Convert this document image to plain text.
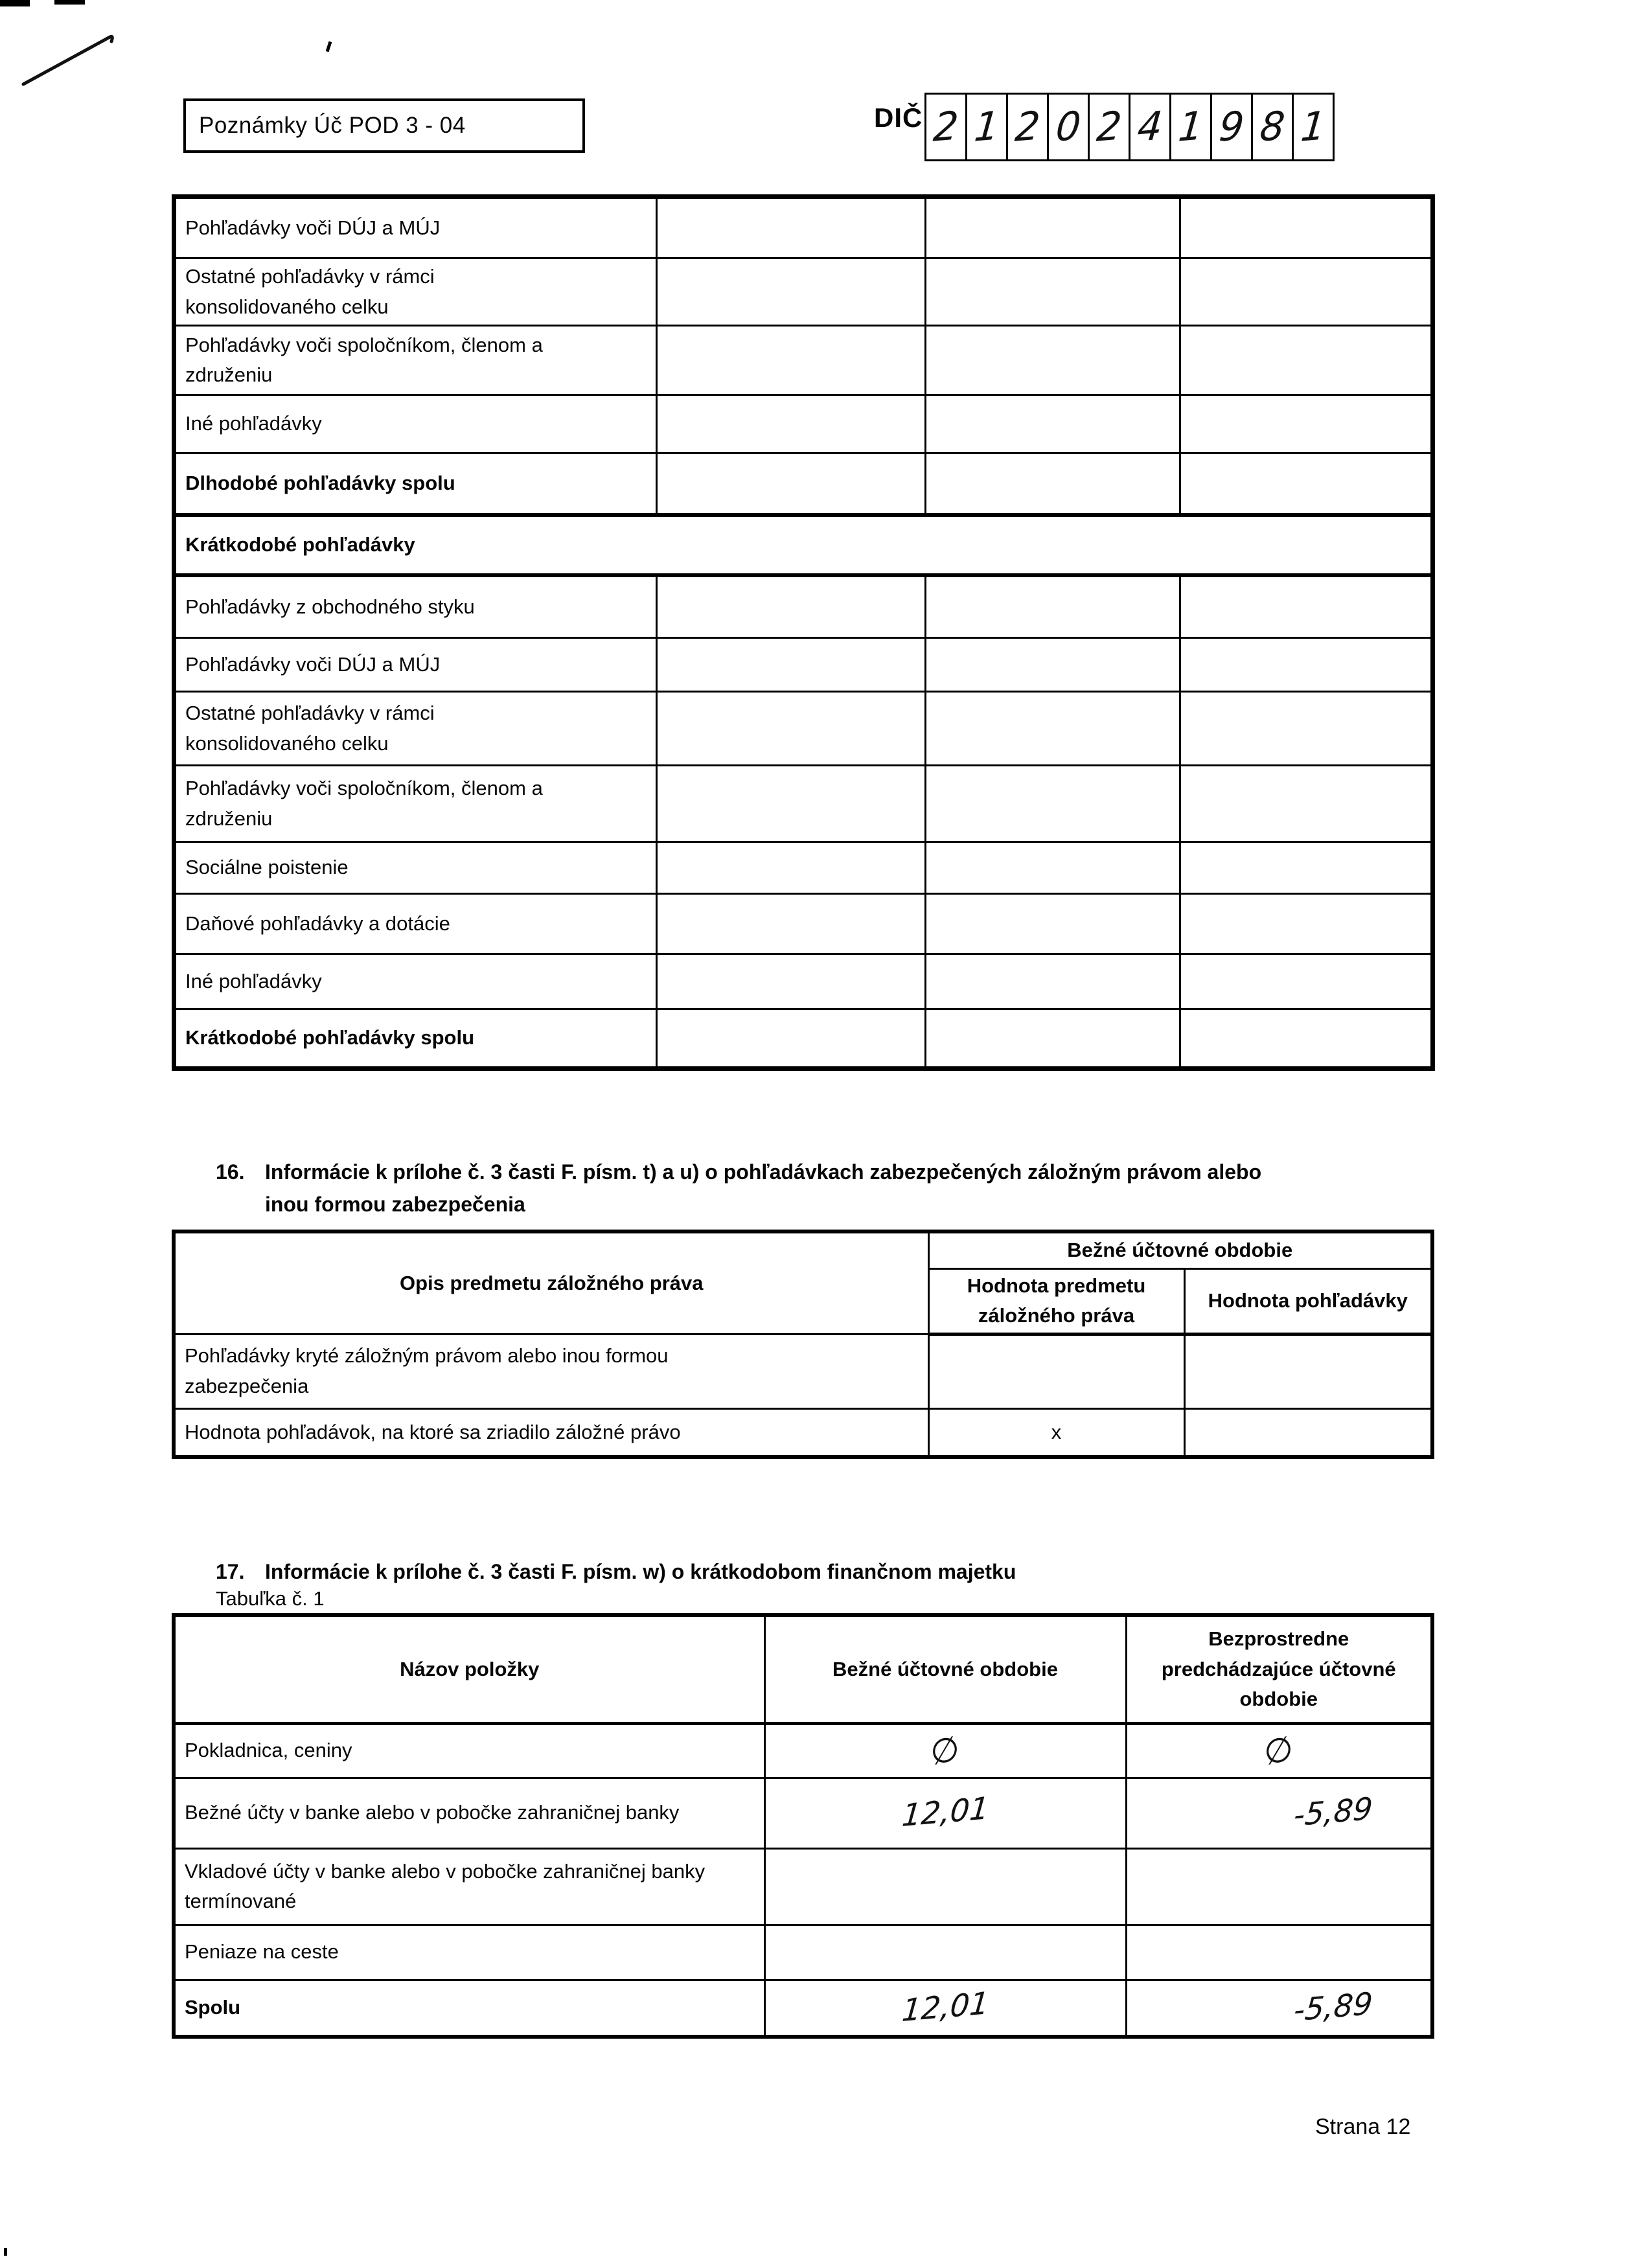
Poznámky Úč POD 3 - 04	DIČ 2 1 2 0 2 4 1 9 8 1
Pohľadávky voči DÚJ a MÚJ			
Ostatné pohľadávky v rámci konsolidovaného celku			
Pohľadávky voči spoločníkom, členom a združeniu			
Iné pohľadávky			
Dlhodobé pohľadávky spolu			
Krátkodobé pohľadávky			
Pohľadávky z obchodného styku			
Pohľadávky voči DÚJ a MÚJ			
Ostatné pohľadávky v rámci konsolidovaného celku			
Pohľadávky voči spoločníkom, členom a združeniu			
Sociálne poistenie			
Daňové pohľadávky a dotácie			
Iné pohľadávky			
Krátkodobé pohľadávky spolu			
16. Informácie k prílohe č. 3 časti F. písm. t) a u) o pohľadávkach zabezpečených záložným právom alebo
inou formou zabezpečenia
Opis predmetu záložného práva	Bežné účtovné obdobie	
	Hodnota predmetu záložného práva	Hodnota pohľadávky
Pohľadávky kryté záložným právom alebo inou formou zabezpečenia		
Hodnota pohľadávok, na ktoré sa zriadilo záložné právo	x	
17. Informácie k prílohe č. 3 časti F. písm. w) o krátkodobom finančnom majetku
Tabuľka č. 1
Názov položky	Bežné účtovné obdobie	Bezprostredne predchádzajúce účtovné obdobie
Pokladnica, ceniny	∅	∅
Bežné účty v banke alebo v pobočke zahraničnej banky	12,01	-5,89
Vkladové účty v banke alebo v pobočke zahraničnej banky termínované		
Peniaze na ceste		
Spolu	12,01	-5,89
Strana 12
